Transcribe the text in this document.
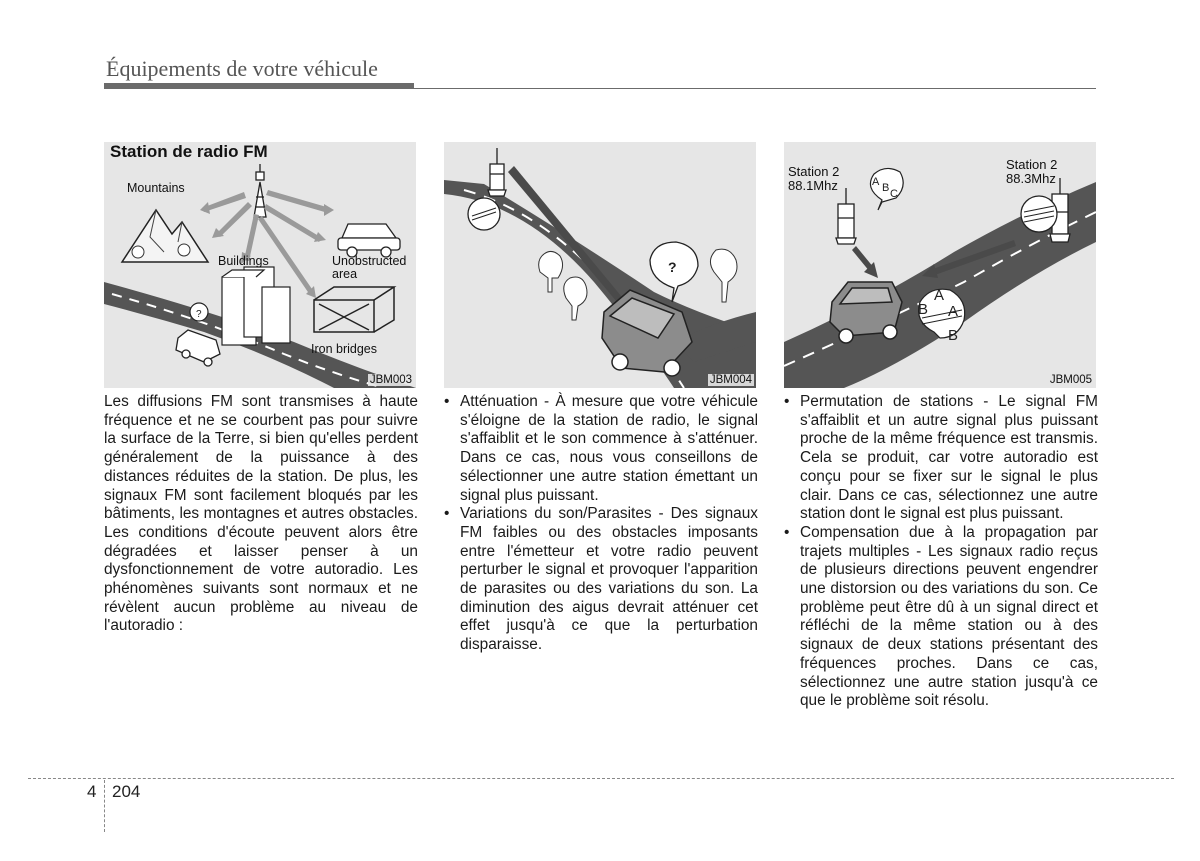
Équipements de votre véhicule
?
Station de radio FM
Mountains
Buildings	Unobstructed area
Iron bridges
JBM003
?
JBM004
A B C
B
A
A
B
Station 2
88.1Mhz
Station 2
88.3Mhz
JBM005

Les diffusions FM sont transmises à haute fréquence et ne se courbent pas pour suivre la surface de la Terre, si bien qu'elles perdent généralement de la puissance à des distances réduites de la station. De plus, les signaux FM sont facilement bloqués par les bâtiments, les montagnes et autres obstacles. Les conditions d'écoute peuvent alors être dégradées et laisser penser à un dysfonctionnement de votre autoradio. Les phénomènes suivants sont normaux et ne révèlent aucun problème au niveau de l'autoradio :

• Atténuation - À mesure que votre véhicule s'éloigne de la station de radio, le signal s'affaiblit et le son commence à s'atténuer. Dans ce cas, nous vous conseillons de sélectionner une autre station émettant un signal plus puissant.
• Variations du son/Parasites - Des signaux FM faibles ou des obstacles imposants entre l'émetteur et votre radio peuvent perturber le signal et provoquer l'apparition de parasites ou des variations du son. La diminution des aigus devrait atténuer cet effet jusqu'à ce que la perturbation disparaisse.
• Permutation de stations - Le signal FM s'affaiblit et un autre signal plus puissant proche de la même fréquence est transmis. Cela se produit, car votre autoradio est conçu pour se fixer sur le signal le plus clair. Dans ce cas, sélectionnez une autre station dont le signal est plus puissant.
• Compensation due à la propagation par trajets multiples - Les signaux radio reçus de plusieurs directions peuvent engendrer une distorsion ou des variations du son. Ce problème peut être dû à un signal direct et réfléchi de la même station ou à des signaux de deux stations présentant des fréquences proches. Dans ce cas, sélectionnez une autre station jusqu'à ce que le problème soit résolu.
4 204
